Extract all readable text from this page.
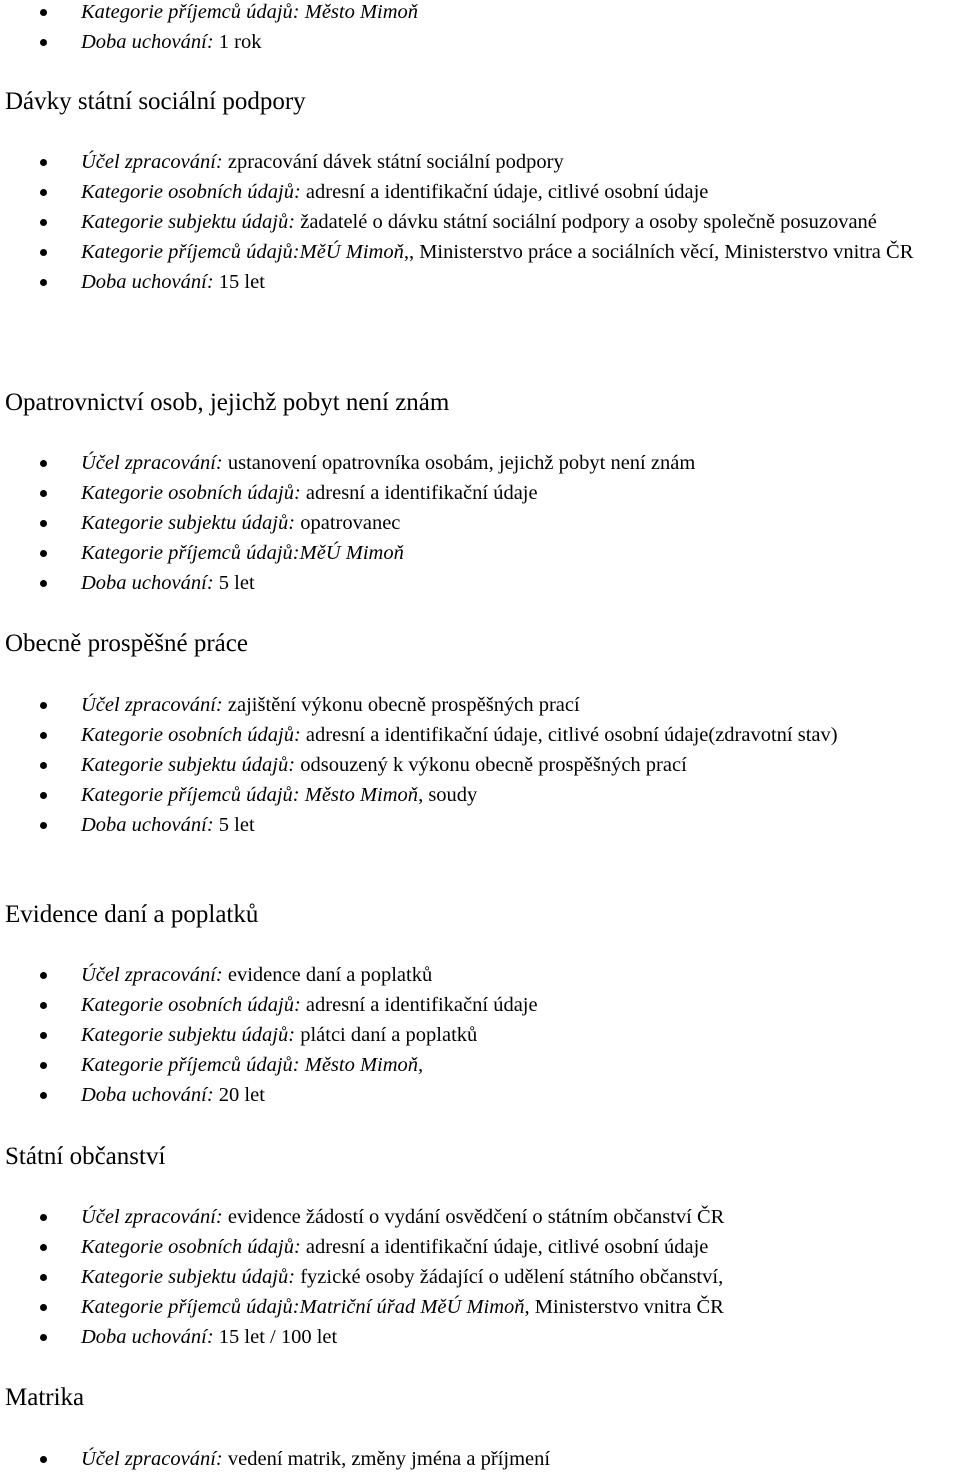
Kategorie příjemců údajů: Město Mimoň
Doba uchování: 1 rok
Dávky státní sociální podpory
Účel zpracování: zpracování dávek státní sociální podpory
Kategorie osobních údajů: adresní a identifikační údaje, citlivé osobní údaje
Kategorie subjektu údajů: žadatelé o dávku státní sociální podpory a osoby společně posuzované
Kategorie příjemců údajů:MěÚ Mimoň,, Ministerstvo práce a sociálních věcí, Ministerstvo vnitra ČR
Doba uchování: 15 let
Opatrovnictví osob, jejichž pobyt není znám
Účel zpracování: ustanovení opatrovníka osobám, jejichž pobyt není znám
Kategorie osobních údajů: adresní a identifikační údaje
Kategorie subjektu údajů: opatrovanec
Kategorie příjemců údajů:MěÚ Mimoň
Doba uchování: 5 let
Obecně prospěšné práce
Účel zpracování: zajištění výkonu obecně prospěšných prací
Kategorie osobních údajů: adresní a identifikační údaje, citlivé osobní údaje(zdravotní stav)
Kategorie subjektu údajů: odsouzený k výkonu obecně prospěšných prací
Kategorie příjemců údajů: Město Mimoň, soudy
Doba uchování: 5 let
Evidence daní a poplatků
Účel zpracování: evidence daní a poplatků
Kategorie osobních údajů: adresní a identifikační údaje
Kategorie subjektu údajů: plátci daní a poplatků
Kategorie příjemců údajů: Město Mimoň,
Doba uchování: 20 let
Státní občanství
Účel zpracování: evidence žádostí o vydání osvědčení o státním občanství ČR
Kategorie osobních údajů: adresní a identifikační údaje, citlivé osobní údaje
Kategorie subjektu údajů: fyzické osoby žádající o udělení státního občanství,
Kategorie příjemců údajů:Matriční úřad MěÚ Mimoň, Ministerstvo vnitra ČR
Doba uchování: 15 let / 100 let
Matrika
Účel zpracování: vedení matrik, změny jména a příjmení
